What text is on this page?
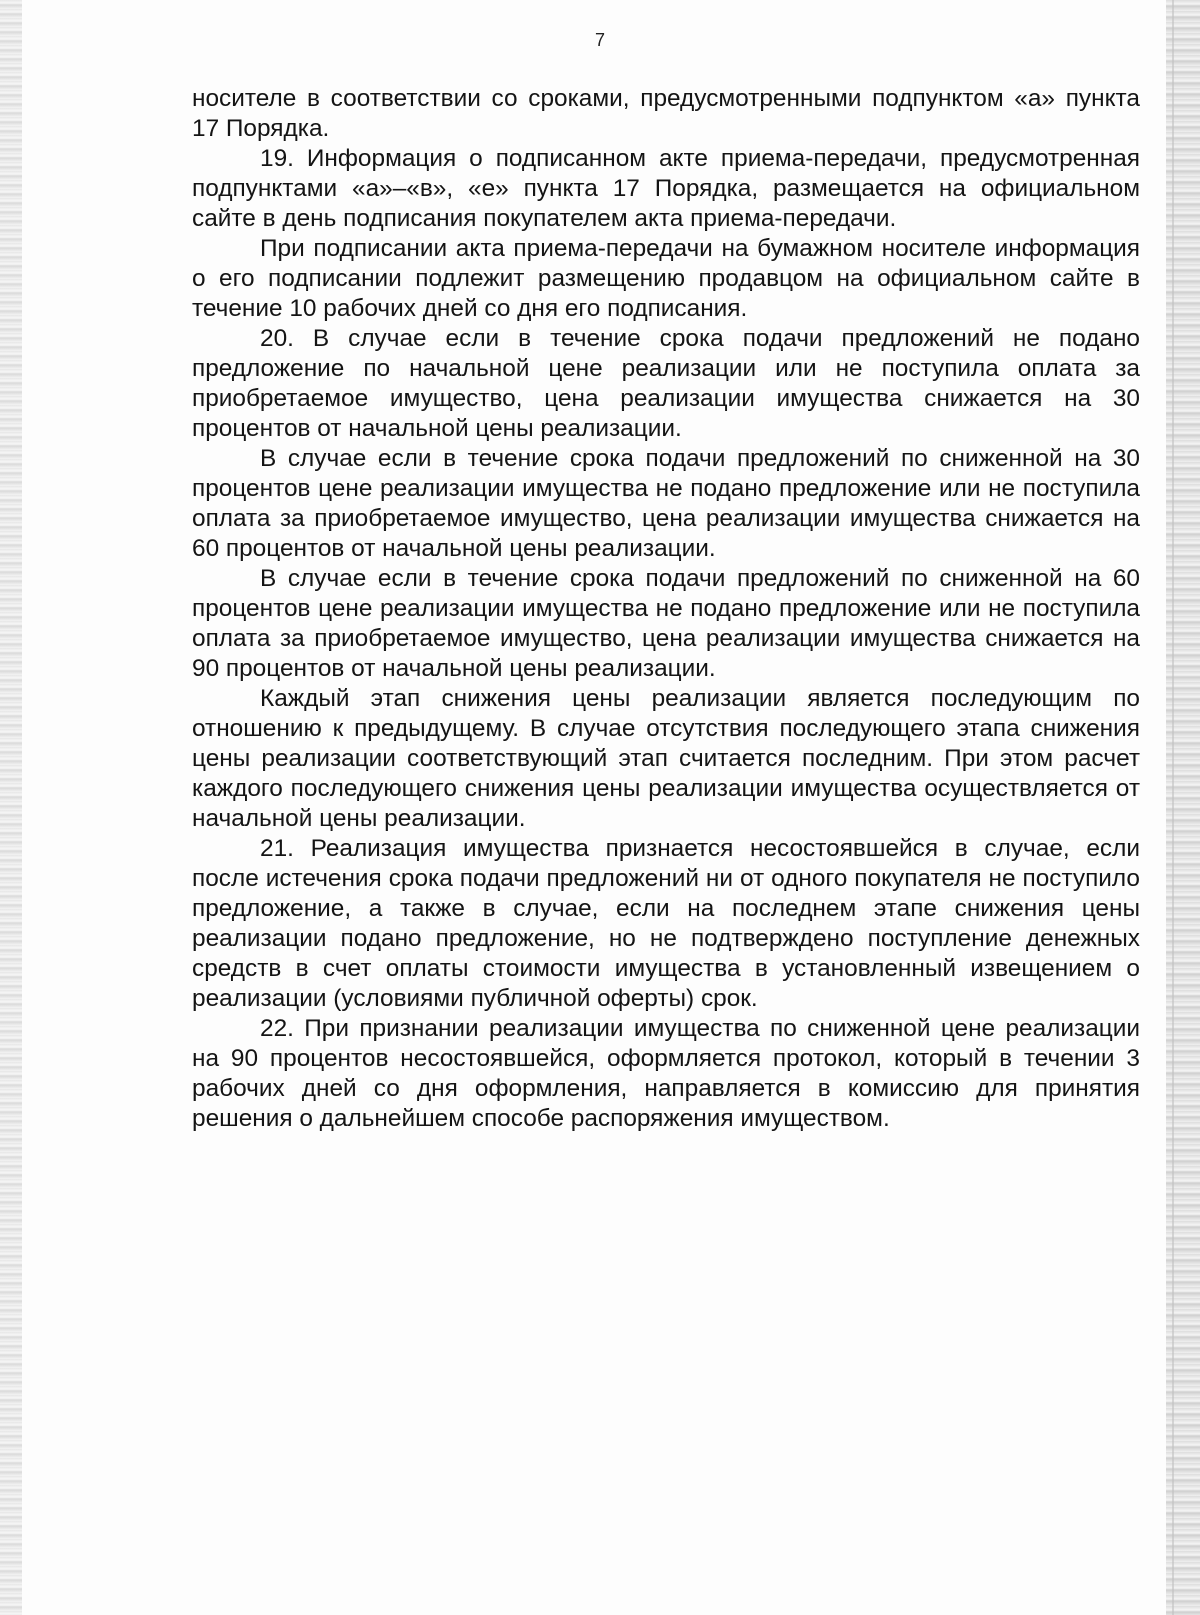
7

носителе в соответствии со сроками, предусмотренными подпунктом «а» пункта 17 Порядка.

19. Информация о подписанном акте приема-передачи, предусмотренная подпунктами «а»–«в», «е» пункта 17 Порядка, размещается на официальном сайте в день подписания покупателем акта приема-передачи.

При подписании акта приема-передачи на бумажном носителе информация о его подписании подлежит размещению продавцом на официальном сайте в течение 10 рабочих дней со дня его подписания.

20. В случае если в течение срока подачи предложений не подано предложение по начальной цене реализации или не поступила оплата за приобретаемое имущество, цена реализации имущества снижается на 30 процентов от начальной цены реализации.

В случае если в течение срока подачи предложений по сниженной на 30 процентов цене реализации имущества не подано предложение или не поступила оплата за приобретаемое имущество, цена реализации имущества снижается на 60 процентов от начальной цены реализации.

В случае если в течение срока подачи предложений по сниженной на 60 процентов цене реализации имущества не подано предложение или не поступила оплата за приобретаемое имущество, цена реализации имущества снижается на 90 процентов от начальной цены реализации.

Каждый этап снижения цены реализации является последующим по отношению к предыдущему. В случае отсутствия последующего этапа снижения цены реализации соответствующий этап считается последним. При этом расчет каждого последующего снижения цены реализации имущества осуществляется от начальной цены реализации.

21. Реализация имущества признается несостоявшейся в случае, если после истечения срока подачи предложений ни от одного покупателя не поступило предложение, а также в случае, если на последнем этапе снижения цены реализации подано предложение, но не подтверждено поступление денежных средств в счет оплаты стоимости имущества в установленный извещением о реализации (условиями публичной оферты) срок.

22. При признании реализации имущества по сниженной цене реализации на 90 процентов несостоявшейся, оформляется протокол, который в течении 3 рабочих дней со дня оформления, направляется в комиссию для принятия решения о дальнейшем способе распоряжения имуществом.
